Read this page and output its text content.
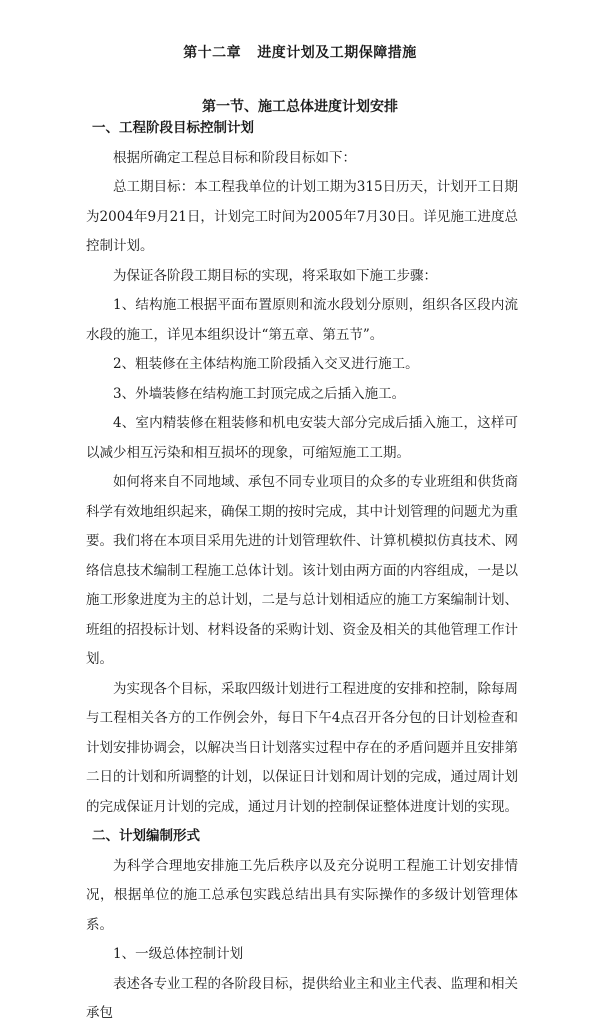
第十二章   进度计划及工期保障措施
第一节、施工总体进度计划安排

一、工程阶段目标控制计划

根据所确定工程总目标和阶段目标如下：

总工期目标：本工程我单位的计划工期为315日历天，计划开工日期为2004年9月21日，计划完工时间为2005年7月30日。详见施工进度总控制计划。

为保证各阶段工期目标的实现，将采取如下施工步骤：

1、结构施工根据平面布置原则和流水段划分原则，组织各区段内流水段的施工，详见本组织设计“第五章、第五节”。

2、粗装修在主体结构施工阶段插入交叉进行施工。

3、外墙装修在结构施工封顶完成之后插入施工。

4、室内精装修在粗装修和机电安装大部分完成后插入施工，这样可以减少相互污染和相互损坏的现象，可缩短施工工期。

如何将来自不同地域、承包不同专业项目的众多的专业班组和供货商科学有效地组织起来，确保工期的按时完成，其中计划管理的问题尤为重要。我们将在本项目采用先进的计划管理软件、计算机模拟仿真技术、网络信息技术编制工程施工总体计划。该计划由两方面的内容组成，一是以施工形象进度为主的总计划，二是与总计划相适应的施工方案编制计划、班组的招投标计划、材料设备的采购计划、资金及相关的其他管理工作计划。

为实现各个目标，采取四级计划进行工程进度的安排和控制，除每周与工程相关各方的工作例会外，每日下午4点召开各分包的日计划检查和计划安排协调会，以解决当日计划落实过程中存在的矛盾问题并且安排第二日的计划和所调整的计划，以保证日计划和周计划的完成，通过周计划的完成保证月计划的完成，通过月计划的控制保证整体进度计划的实现。

二、计划编制形式

为科学合理地安排施工先后秩序以及充分说明工程施工计划安排情况，根据单位的施工总承包实践总结出具有实际操作的多级计划管理体系。

1、一级总体控制计划

表述各专业工程的各阶段目标，提供给业主和业主代表、监理和相关承包
